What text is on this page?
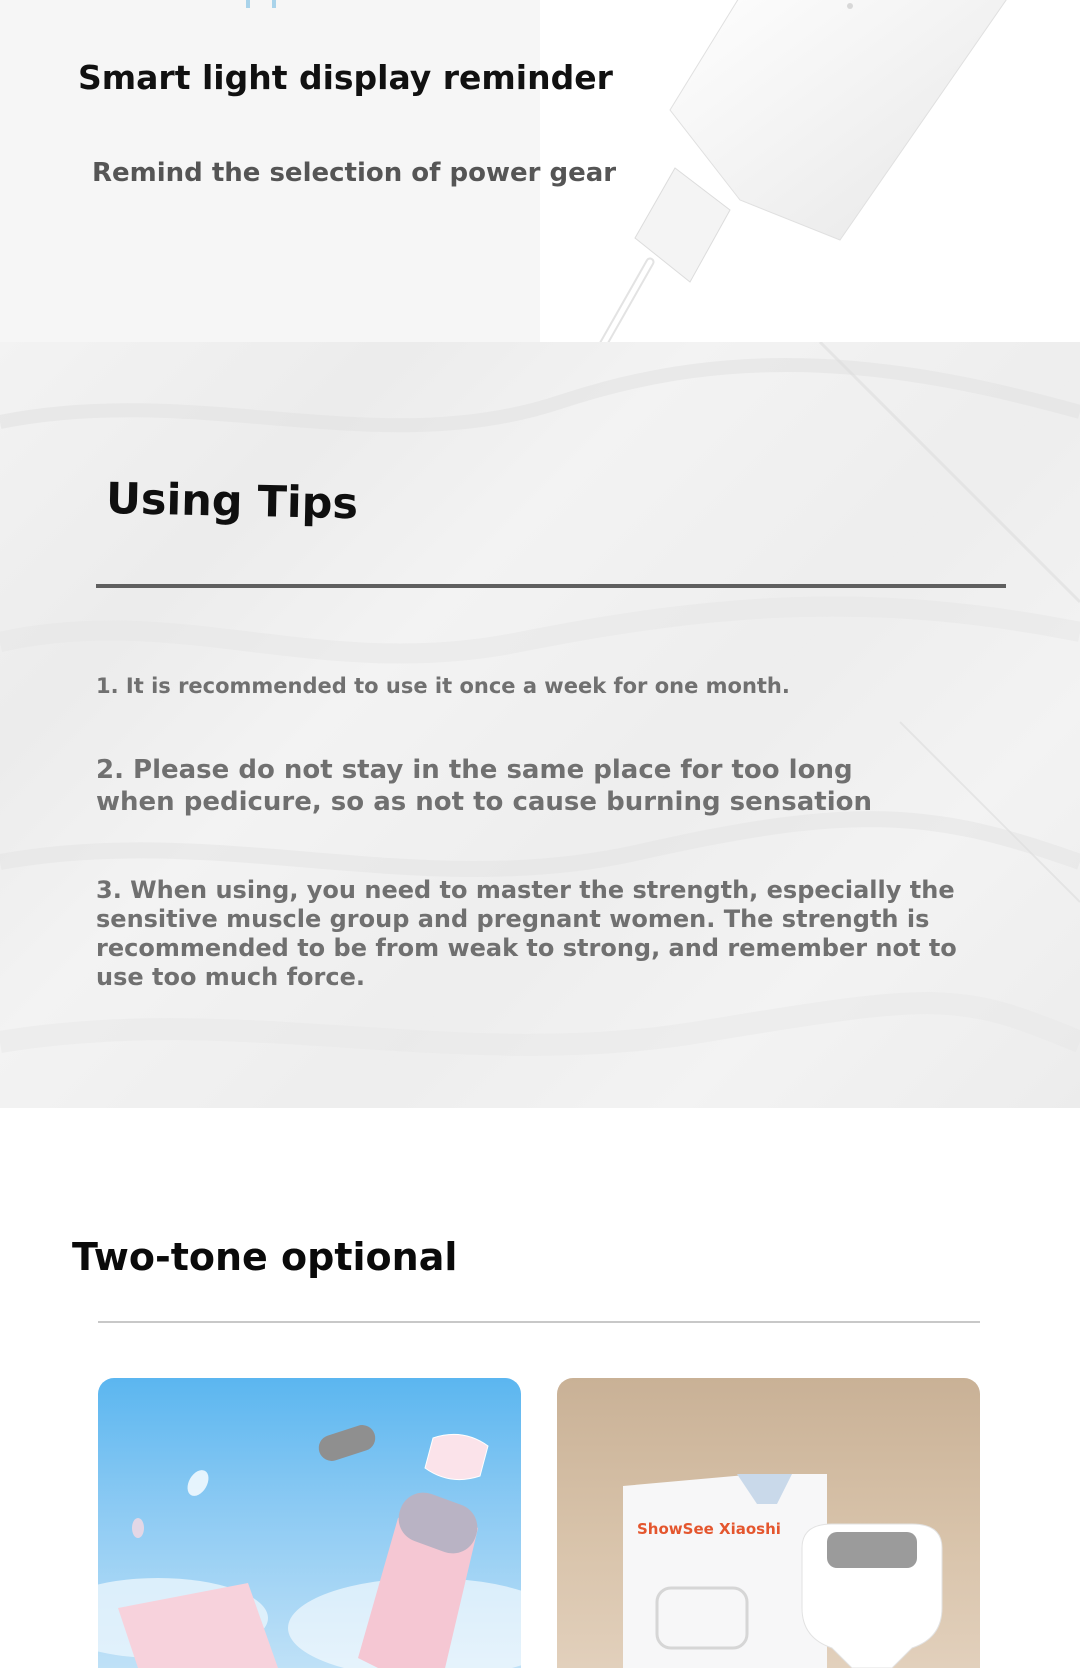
Smart light display reminder

Remind the selection of power gear

Using Tips

1. It is recommended to use it once a week for one month.

2. Please do not stay in the same place for too long when pedicure, so as not to cause burning sensation

3. When using, you need to master the strength, especially the sensitive muscle group and pregnant women. The strength is recommended to be from weak to strong, and remember not to use too much force.

Two-tone optional

ShowSee Xiaoshi
